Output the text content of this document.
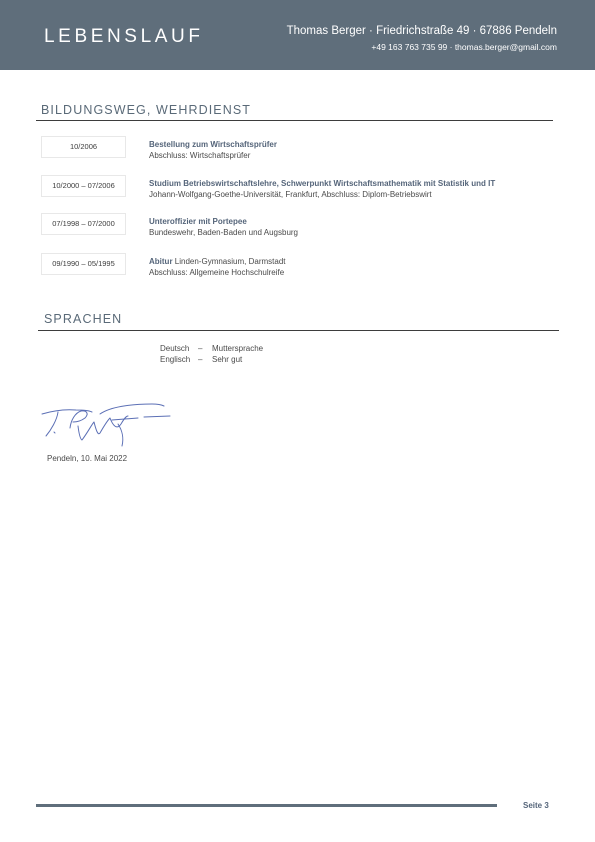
LEBENSLAUF	Thomas Berger · Friedrichstraße 49 · 67886 Pendeln
+49 163 763 735 99 · thomas.berger@gmail.com
BILDUNGSWEG, WEHRDIENST
10/2006	Bestellung zum Wirtschaftsprüfer
Abschluss: Wirtschaftsprüfer
10/2000 – 07/2006	Studium Betriebswirtschaftslehre, Schwerpunkt Wirtschaftsmathematik mit Statistik und IT
Johann-Wolfgang-Goethe-Universität, Frankfurt, Abschluss: Diplom-Betriebswirt
07/1998 – 07/2000	Unteroffizier mit Portepee
Bundeswehr, Baden-Baden und Augsburg
09/1990 – 05/1995	Abitur Linden-Gymnasium, Darmstadt
Abschluss: Allgemeine Hochschulreife
SPRACHEN
Deutsch – Muttersprache
Englisch – Sehr gut
Pendeln, 10. Mai 2022
Seite 3
